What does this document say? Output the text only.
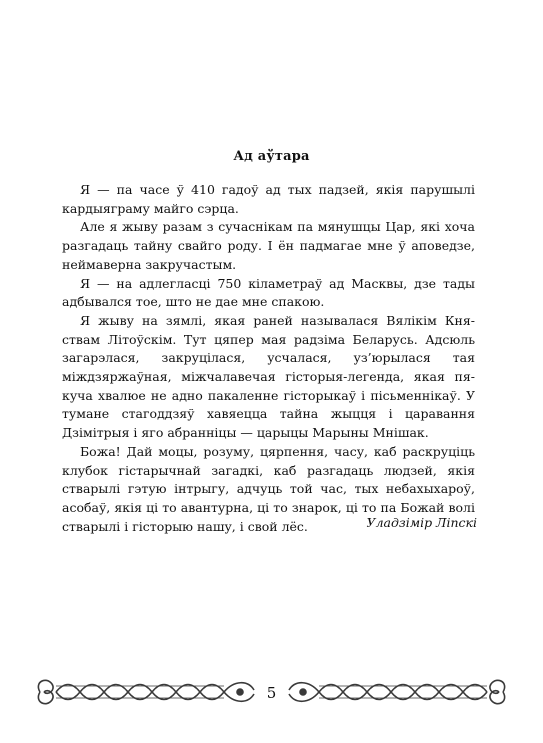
Ад аўтара

Я — па часе ў 410 гадоў ад тых падзей, якія парушылі кардыяграму майго сэрца.

Але я жыву разам з сучаснікам па мянушцы Цар, які хоча разгадаць тайну свайго роду. І ён падмагае мне ў аповедзе, неймаверна закручастым.

Я — на адлегласці 750 кіламетраў ад Масквы, дзе тады адбывался тое, што не дае мне спакою.

Я жыву на зямлі, якая раней называлася Вялікім Княствам Літоўскім. Тут цяпер мая радзіма Беларусь. Адсюль загарэлася, закруцілася, усчалася, уз’юрылася тая міждзяржаўная, міжчалавечая гісторыя-легенда, якая пякуча хвалюе не адно пакаленне гісторыкаў і пісьменнікаў. У тумане стагоддзяў хавяецца тайна жыцця і царавання Дзімітрыя і яго абранніцы — царыцы Марыны Мнішак.

Божа! Дай моцы, розуму, цярпення, часу, каб раскруціць клубок гістарычнай загадкі, каб разгадаць людзей, якія стварылі гэтую інтрыгу, адчуць той час, тых небахыхароў, асобаў, якія ці то авантурна, ці то знарок, ці то па Божай волі стварылі і гісторыю нашу, і свой лёс.	Уладзімір Ліпскі
5
